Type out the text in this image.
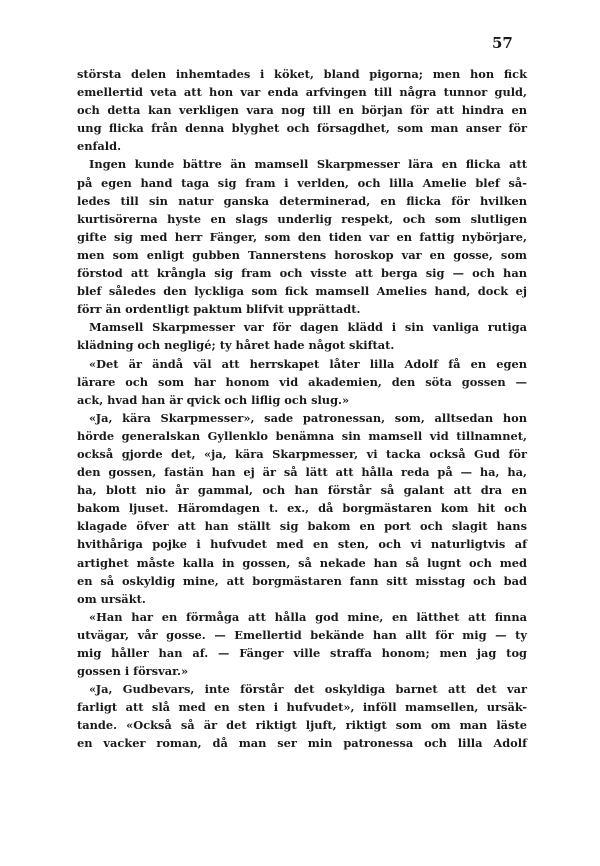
57
största delen inhemtades i köket, bland pigorna; men hon fick
emellertid veta att hon var enda arfvingen till några tunnor guld,
och detta kan verkligen vara nog till en början för att hindra en
ung flicka från denna blyghet och försagdhet, som man anser för
enfald.
Ingen kunde bättre än mamsell Skarpmesser lära en flicka att
på egen hand taga sig fram i verlden, och lilla Amelie blef så-
ledes till sin natur ganska determinerad, en flicka för hvilken
kurtisörerna hyste en slags underlig respekt, och som slutligen
gifte sig med herr Fänger, som den tiden var en fattig nybörjare,
men som enligt gubben Tannerstens horoskop var en gosse, som
förstod att krångla sig fram och visste att berga sig — och han
blef således den lyckliga som fick mamsell Amelies hand, dock ej
förr än ordentligt paktum blifvit upprättadt.
Mamsell Skarpmesser var för dagen klädd i sin vanliga rutiga
klädning och negligé; ty håret hade något skiftat.
«Det är ändå väl att herrskapet låter lilla Adolf få en egen
lärare och som har honom vid akademien, den söta gossen —
ack, hvad han är qvick och liflig och slug.»
«Ja, kära Skarpmesser», sade patronessan, som, alltsedan hon
hörde generalskan Gyllenklo benämna sin mamsell vid tillnamnet,
också gjorde det, «ja, kära Skarpmesser, vi tacka också Gud för
den gossen, fastän han ej är så lätt att hålla reda på — ha, ha,
ha, blott nio år gammal, och han förstår så galant att dra en
bakom ljuset. Häromdagen t. ex., då borgmästaren kom hit och
klagade öfver att han ställt sig bakom en port och slagit hans
hvithåriga pojke i hufvudet med en sten, och vi naturligtvis af
artighet måste kalla in gossen, så nekade han så lugnt och med
en så oskyldig mine, att borgmästaren fann sitt misstag och bad
om ursäkt.
«Han har en förmåga att hålla god mine, en lätthet att finna
utvägar, vår gosse. — Emellertid bekände han allt för mig — ty
mig håller han af. — Fänger ville straffa honom; men jag tog
gossen i försvar.»
«Ja, Gudbevars, inte förstår det oskyldiga barnet att det var
farligt att slå med en sten i hufvudet», inföll mamsellen, ursäk-
tande. «Också så är det riktigt ljuft, riktigt som om man läste
en vacker roman, då man ser min patronessa och lilla Adolf
